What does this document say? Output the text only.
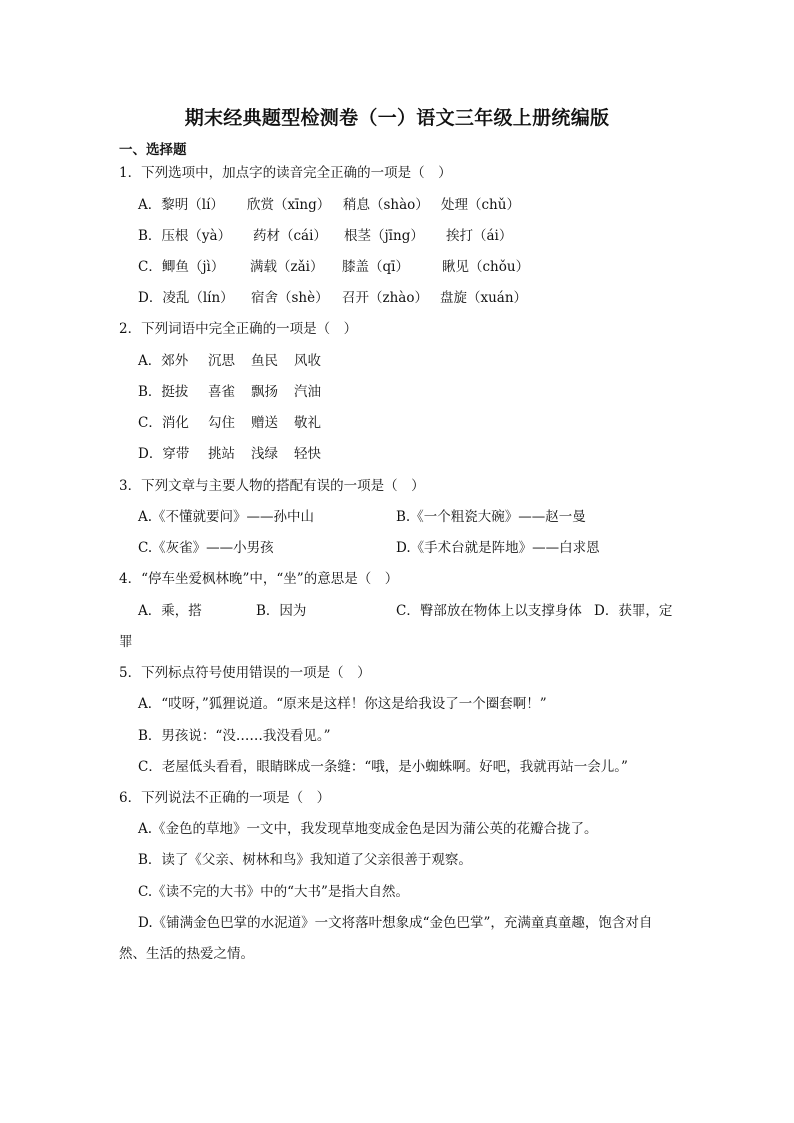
期末经典题型检测卷（一）语文三年级上册统编版
一、选择题
1．下列选项中，加点字的读音完全正确的一项是（　）
A．黎明（lí） 欣赏（xīng） 稍息（shào） 处理（chǔ）
B．压根（yà） 药材（cái） 根茎（jīng） 挨打（ái）
C．鲫鱼（jì） 满载（zǎi） 膝盖（qī） 瞅见（chǒu）
D．凌乱（lín） 宿舍（shè） 召开（zhào） 盘旋（xuán）
2．下列词语中完全正确的一项是（　）
A．郊外 沉思 鱼民 风收
B．挺拔 喜雀 飘扬 汽油
C．消化 勾住 赠送 敬礼
D．穿带 挑站 浅绿 轻快
3．下列文章与主要人物的搭配有误的一项是（　）
A.《不懂就要问》——孙中山	B.《一个粗瓷大碗》——赵一曼
C.《灰雀》——小男孩	D.《手术台就是阵地》——白求恩
4．“停车坐爱枫林晚”中，“坐”的意思是（　）
A．乘，搭	B．因为	C．臀部放在物体上以支撑身体 D．获罪，定
罪
5．下列标点符号使用错误的一项是（　）
A．“哎呀，”狐狸说道。“原来是这样！你这是给我设了一个圈套啊！”
B．男孩说：“没……我没看见。”
C．老屋低头看看，眼睛眯成一条缝：“哦，是小蜘蛛啊。好吧，我就再站一会儿。”
6．下列说法不正确的一项是（　）
A.《金色的草地》一文中，我发现草地变成金色是因为蒲公英的花瓣合拢了。
B．读了《父亲、树林和鸟》我知道了父亲很善于观察。
C.《读不完的大书》中的“大书”是指大自然。
D.《铺满金色巴掌的水泥道》一文将落叶想象成“金色巴掌”，充满童真童趣，饱含对自
然、生活的热爱之情。
